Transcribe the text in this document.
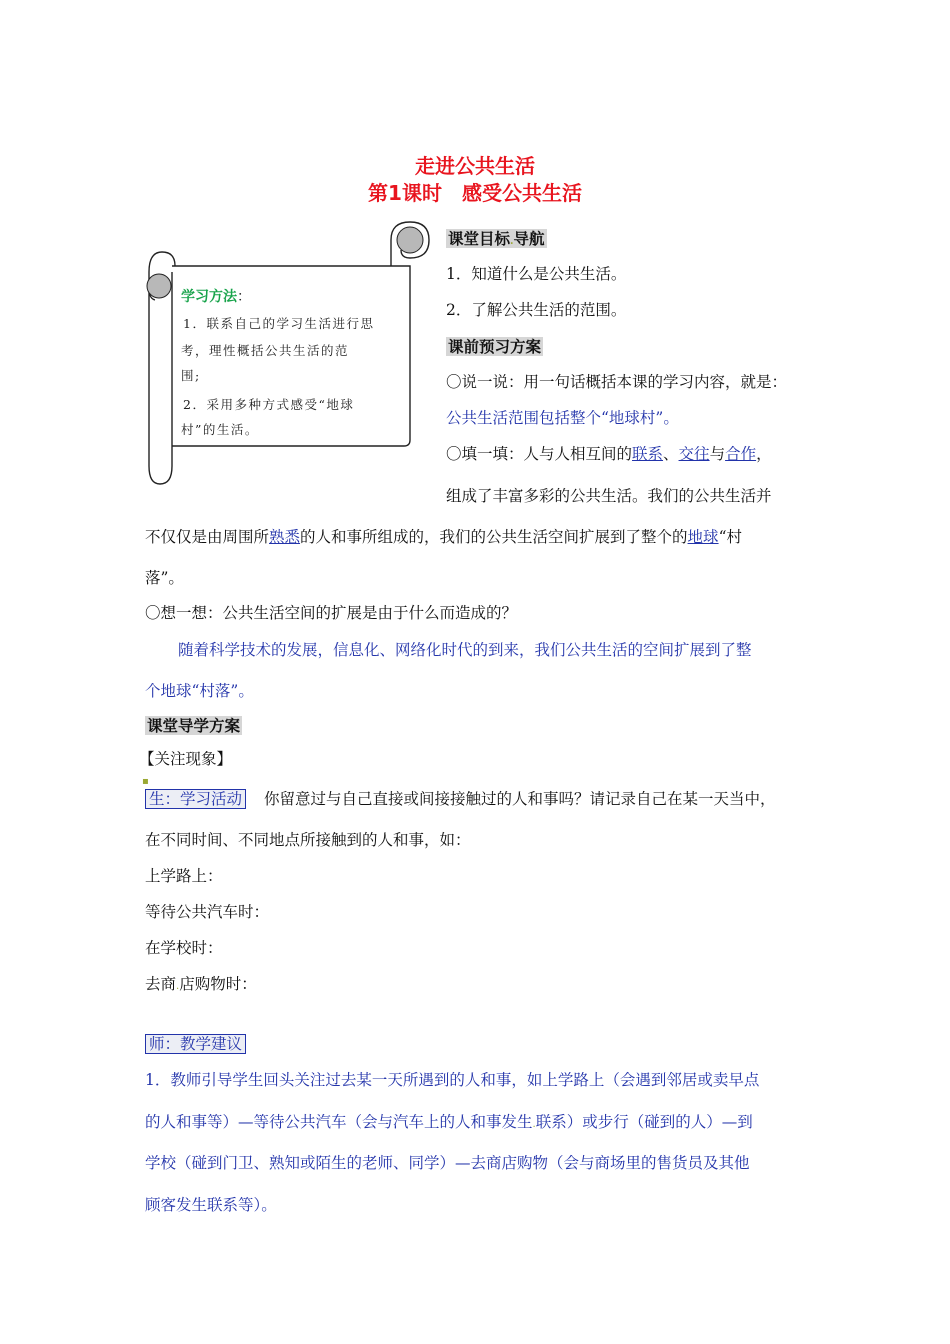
走进公共生活
第1课时　感受公共生活
学习方法：
1．联系自己的学习生活进行思
考，理性概括公共生活的范
围;
2．采用多种方式感受“地球
村”的生活。
课堂目标.导航
1．知道什么是公共生活。
2．了解公共生活的范围。
课前预习方案
〇说一说：用一句话概括本课的学习内容，就是：
公共生活范围包括整个“地球村”。
〇填一填：人与人相互间的联系、交往与合作，
组成了丰富多彩的公共生活。我们的公共生活并
不仅仅是由周围所熟悉的人和事所组成的，我们的公共生活空间扩展到了整个的地球“村
落”。
〇想一想：公共生活空间的扩展是由于什么而造成的？
随着科学技术的发展，信息化、网络化时代的到来，我们公共生活的空间扩展到了整
个地球“村落”。
课堂导学方案
【关注现象】
▪
生：学习活动 你留意过与自己直接或间接接触过的人和事吗？请记录自己在某一天当中，
在不同时间、不同地点所接触到的人和事，如：
上学路上：
等待公共汽车时：
在学校时：
去商.店购物时：
师：教学建议
1．教师引导学生回头关注过去某一天所遇到的人和事，如上学路上（会遇到邻居或卖早点
的人和事等）—等待公共汽车（会与汽车上的人和事发生.联系）或步行（碰到的人）—到
学校（碰到门卫、熟知或陌生的老师、同学）—去商店购物（会与商场里的售货员及其他
顾客发生联系等）。
